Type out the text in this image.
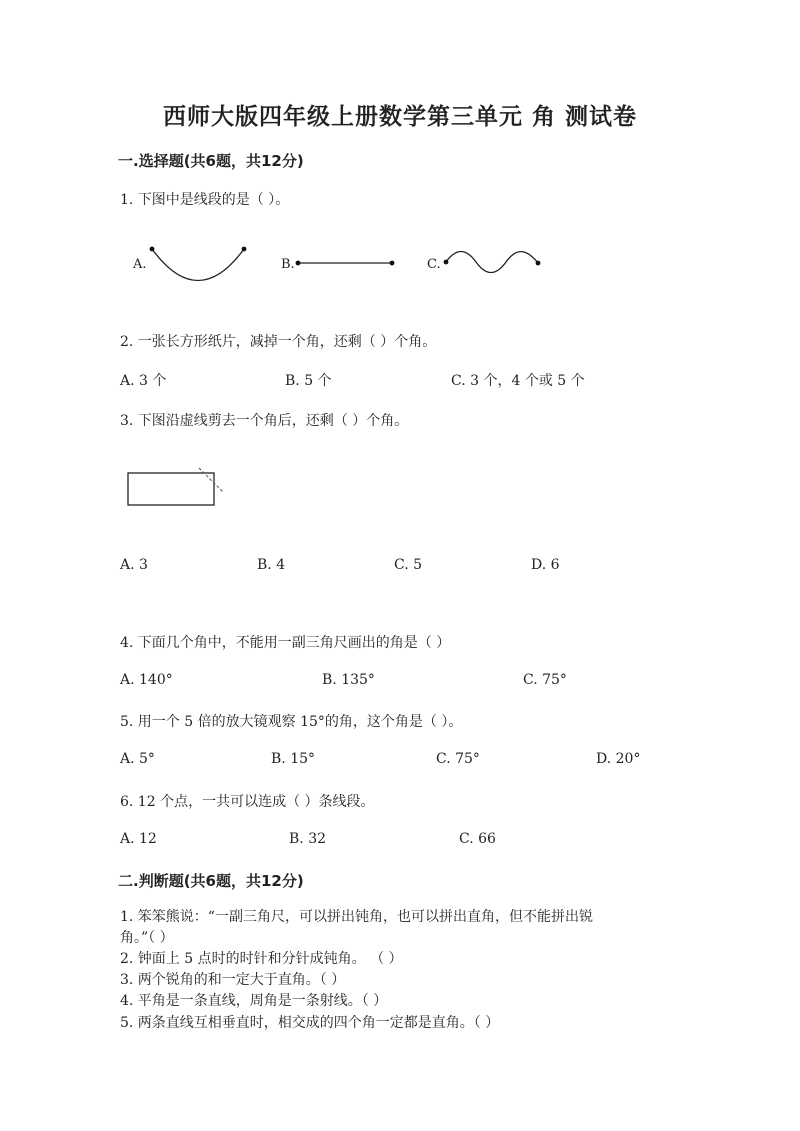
西师大版四年级上册数学第三单元 角 测试卷
一.选择题(共6题，共12分)
1. 下图中是线段的是（ ）。
A.	B.	C.
2. 一张长方形纸片，减掉一个角，还剩（ ）个角。
A. 3 个	B. 5 个	C. 3 个，4 个或 5 个
3. 下图沿虚线剪去一个角后，还剩（ ）个角。
A. 3	B. 4	C. 5	D. 6
4. 下面几个角中，不能用一副三角尺画出的角是（ ）
A. 140°	B. 135°	C. 75°
5. 用一个 5 倍的放大镜观察 15°的角，这个角是（ ）。
A. 5°	B. 15°	C. 75°	D. 20°
6. 12 个点，一共可以连成（ ）条线段。
A. 12	B. 32	C. 66
二.判断题(共6题，共12分)
1. 笨笨熊说：“一副三角尺，可以拼出钝角，也可以拼出直角，但不能拼出锐
角。”（ ）
2. 钟面上 5 点时的时针和分针成钝角。 （ ）
3. 两个锐角的和一定大于直角。（ ）
4. 平角是一条直线，周角是一条射线。（ ）
5. 两条直线互相垂直时，相交成的四个角一定都是直角。（ ）
